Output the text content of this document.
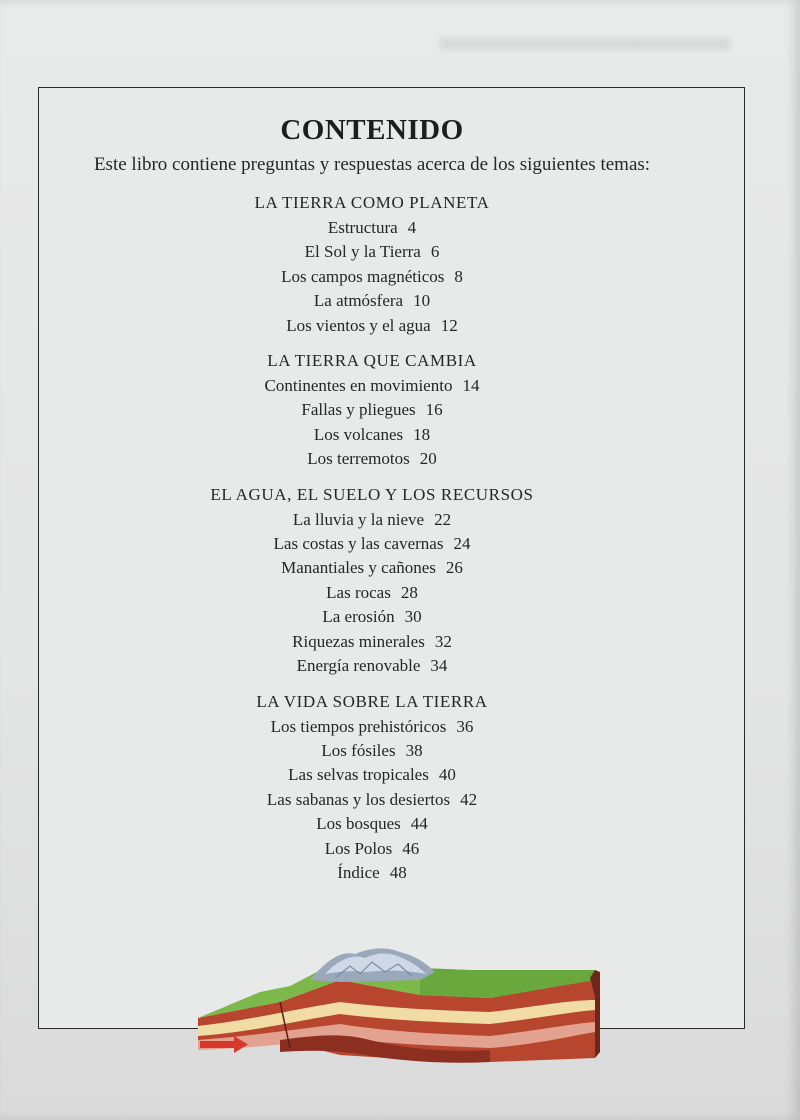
CONTENIDO
Este libro contiene preguntas y respuestas acerca de los siguientes temas:
LA TIERRA COMO PLANETA
Estructura 4
El Sol y la Tierra 6
Los campos magnéticos 8
La atmósfera 10
Los vientos y el agua 12
LA TIERRA QUE CAMBIA
Continentes en movimiento 14
Fallas y pliegues 16
Los volcanes 18
Los terremotos 20
EL AGUA, EL SUELO Y LOS RECURSOS
La lluvia y la nieve 22
Las costas y las cavernas 24
Manantiales y cañones 26
Las rocas 28
La erosión 30
Riquezas minerales 32
Energía renovable 34
LA VIDA SOBRE LA TIERRA
Los tiempos prehistóricos 36
Los fósiles 38
Las selvas tropicales 40
Las sabanas y los desiertos 42
Los bosques 44
Los Polos 46
Índice 48
